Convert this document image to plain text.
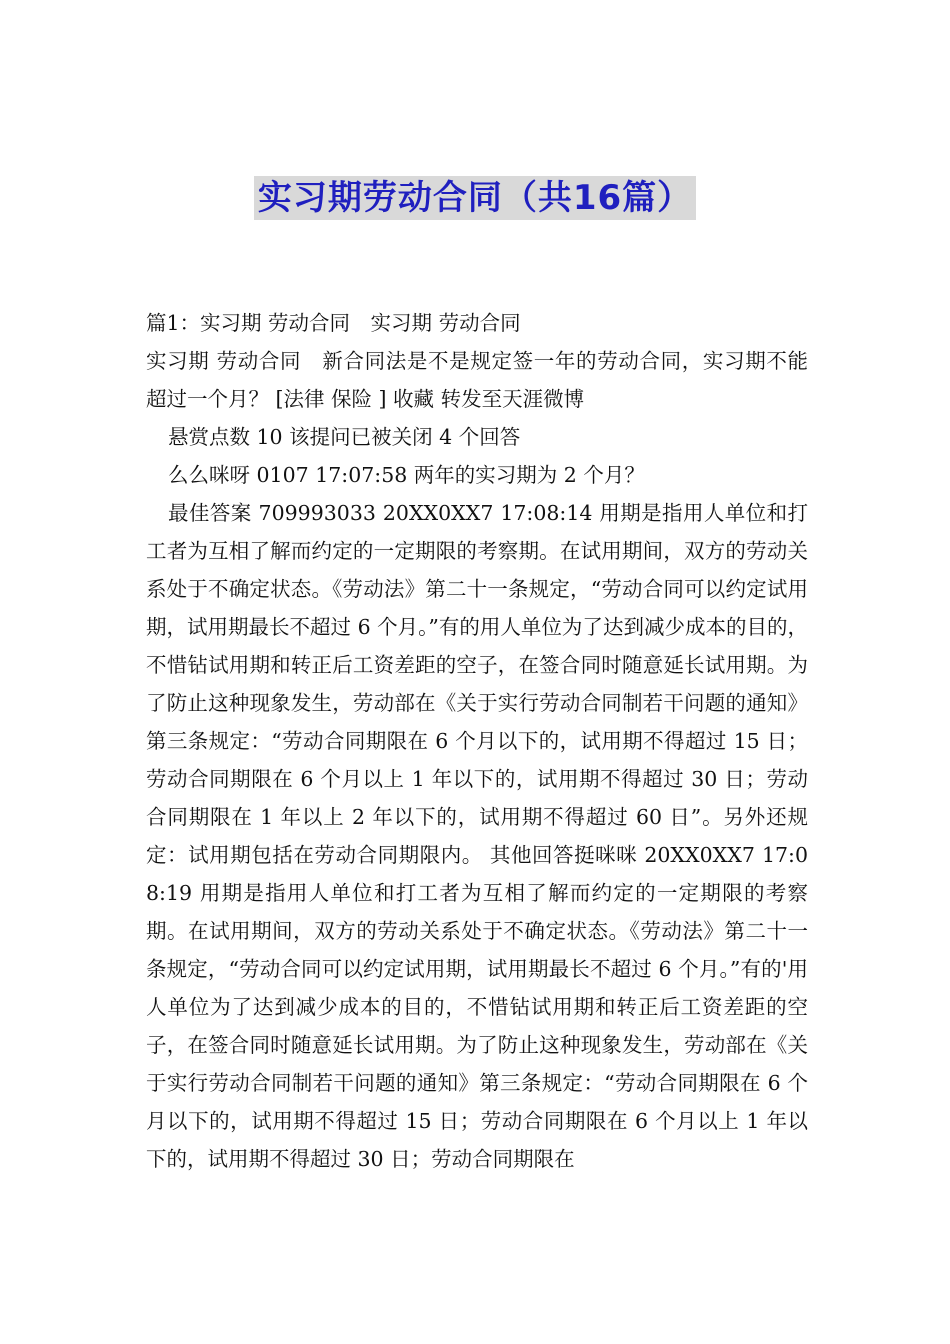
实习期劳动合同（共16篇）

篇1：实习期 劳动合同　实习期 劳动合同

实习期 劳动合同　新合同法是不是规定签一年的劳动合同，实习期不能超过一个月？ [法律 保险 ] 收藏 转发至天涯微博

悬赏点数 10 该提问已被关闭 4 个回答

么么咪呀 0107 17:07:58 两年的实习期为 2 个月？

最佳答案 709993033 20XX0XX7 17:08:14 用期是指用人单位和打工者为互相了解而约定的一定期限的考察期。在试用期间，双方的劳动关系处于不确定状态。《劳动法》第二十一条规定，“劳动合同可以约定试用期，试用期最长不超过 6 个月。”有的用人单位为了达到减少成本的目的，不惜钻试用期和转正后工资差距的空子，在签合同时随意延长试用期。为了防止这种现象发生，劳动部在《关于实行劳动合同制若干问题的通知》第三条规定：“劳动合同期限在 6 个月以下的，试用期不得超过 15 日；劳动合同期限在 6 个月以上 1 年以下的，试用期不得超过 30 日；劳动合同期限在 1 年以上 2 年以下的，试用期不得超过 60 日”。另外还规定：试用期包括在劳动合同期限内。 其他回答挺咪咪 20XX0XX7 17:08:19 用期是指用人单位和打工者为互相了解而约定的一定期限的考察期。在试用期间，双方的劳动关系处于不确定状态。《劳动法》第二十一条规定，“劳动合同可以约定试用期，试用期最长不超过 6 个月。”有的'用人单位为了达到减少成本的目的，不惜钻试用期和转正后工资差距的空子，在签合同时随意延长试用期。为了防止这种现象发生，劳动部在《关于实行劳动合同制若干问题的通知》第三条规定：“劳动合同期限在 6 个月以下的，试用期不得超过 15 日；劳动合同期限在 6 个月以上 1 年以下的，试用期不得超过 30 日；劳动合同期限在
